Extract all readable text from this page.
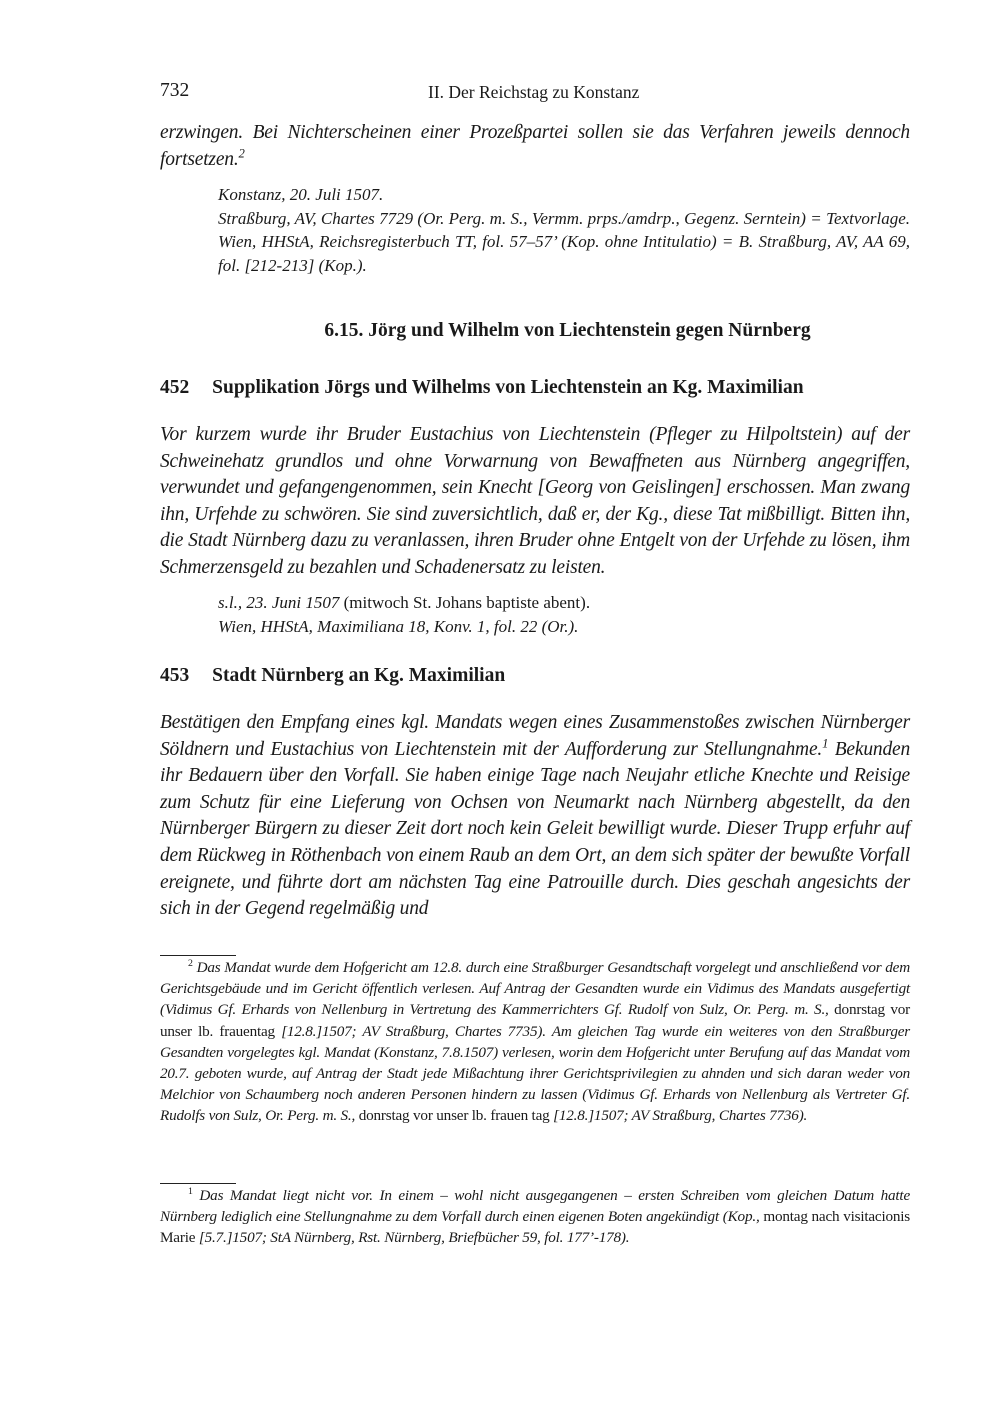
732	II. Der Reichstag zu Konstanz
erzwingen. Bei Nichterscheinen einer Prozeßpartei sollen sie das Verfahren jeweils dennoch fortsetzen.$^2$
Konstanz, 20. Juli 1507.
Straßburg, AV, Chartes 7729 (Or. Perg. m. S., Vermm. prps./amdrp., Gegenz. Serntein) = Textvorlage. Wien, HHStA, Reichsregisterbuch TT, fol. 57–57’ (Kop. ohne Intitulatio) = B. Straßburg, AV, AA 69, fol. [212-213] (Kop.).
6.15. Jörg und Wilhelm von Liechtenstein gegen Nürnberg
452 Supplikation Jörgs und Wilhelms von Liechtenstein an Kg. Maximilian
Vor kurzem wurde ihr Bruder Eustachius von Liechtenstein (Pfleger zu Hilpoltstein) auf der Schweinehatz grundlos und ohne Vorwarnung von Bewaffneten aus Nürnberg angegriffen, verwundet und gefangengenommen, sein Knecht [Georg von Geislingen] erschossen. Man zwang ihn, Urfehde zu schwören. Sie sind zuversichtlich, daß er, der Kg., diese Tat mißbilligt. Bitten ihn, die Stadt Nürnberg dazu zu veranlassen, ihren Bruder ohne Entgelt von der Urfehde zu lösen, ihm Schmerzensgeld zu bezahlen und Schadenersatz zu leisten.
s.l., 23. Juni 1507 (mitwoch St. Johans baptiste abent).
Wien, HHStA, Maximiliana 18, Konv. 1, fol. 22 (Or.).
453 Stadt Nürnberg an Kg. Maximilian
Bestätigen den Empfang eines kgl. Mandats wegen eines Zusammenstoßes zwischen Nürnberger Söldnern und Eustachius von Liechtenstein mit der Aufforderung zur Stellungnahme.$^1$ Bekunden ihr Bedauern über den Vorfall. Sie haben einige Tage nach Neujahr etliche Knechte und Reisige zum Schutz für eine Lieferung von Ochsen von Neumarkt nach Nürnberg abgestellt, da den Nürnberger Bürgern zu dieser Zeit dort noch kein Geleit bewilligt wurde. Dieser Trupp erfuhr auf dem Rückweg in Röthenbach von einem Raub an dem Ort, an dem sich später der bewußte Vorfall ereignete, und führte dort am nächsten Tag eine Patrouille durch. Dies geschah angesichts der sich in der Gegend regelmäßig und
$^2$ Das Mandat wurde dem Hofgericht am 12.8. durch eine Straßburger Gesandtschaft vorgelegt und anschließend vor dem Gerichtsgebäude und im Gericht öffentlich verlesen. Auf Antrag der Gesandten wurde ein Vidimus des Mandats ausgefertigt (Vidimus Gf. Erhards von Nellenburg in Vertretung des Kammerrichters Gf. Rudolf von Sulz, Or. Perg. m. S., donrstag vor unser lb. frauentag [12.8.]1507; AV Straßburg, Chartes 7735). Am gleichen Tag wurde ein weiteres von den Straßburger Gesandten vorgelegtes kgl. Mandat (Konstanz, 7.8.1507) verlesen, worin dem Hofgericht unter Berufung auf das Mandat vom 20.7. geboten wurde, auf Antrag der Stadt jede Mißachtung ihrer Gerichtsprivilegien zu ahnden und sich daran weder von Melchior von Schaumberg noch anderen Personen hindern zu lassen (Vidimus Gf. Erhards von Nellenburg als Vertreter Gf. Rudolfs von Sulz, Or. Perg. m. S., donrstag vor unser lb. frauen tag [12.8.]1507; AV Straßburg, Chartes 7736).
$^1$ Das Mandat liegt nicht vor. In einem – wohl nicht ausgegangenen – ersten Schreiben vom gleichen Datum hatte Nürnberg lediglich eine Stellungnahme zu dem Vorfall durch einen eigenen Boten angekündigt (Kop., montag nach visitacionis Marie [5.7.]1507; StA Nürnberg, Rst. Nürnberg, Briefbücher 59, fol. 177’-178).
